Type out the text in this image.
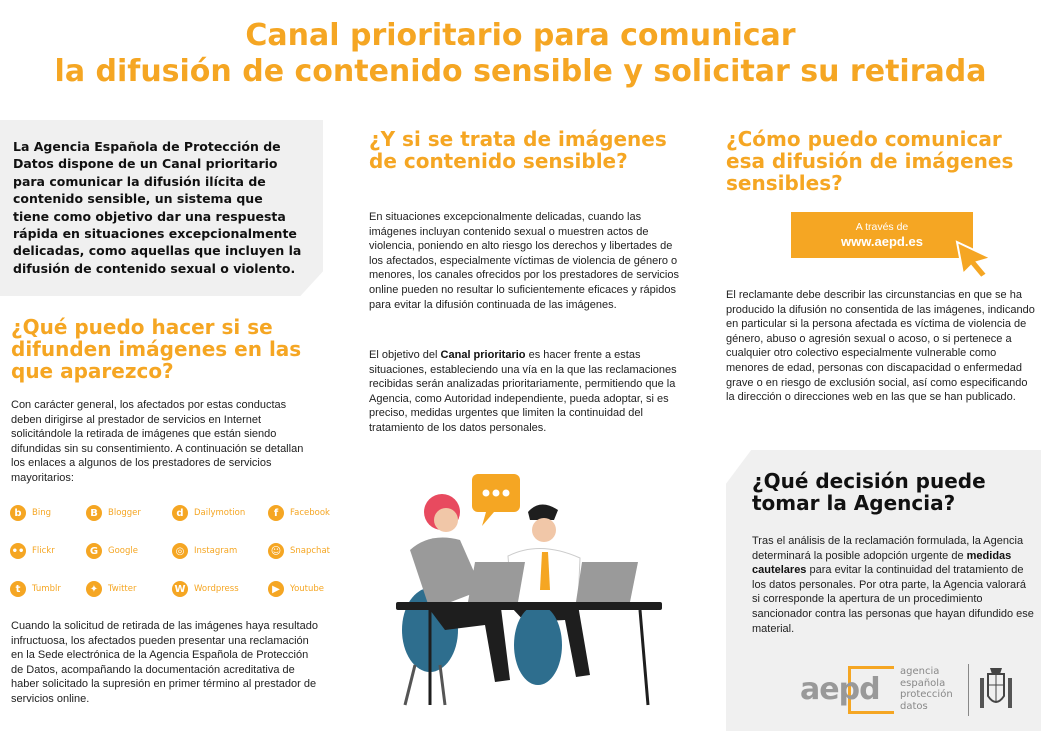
Canal prioritario para comunicar
la difusión de contenido sensible y solicitar su retirada
La Agencia Española de Protección de Datos dispone de un Canal prioritario para comunicar la difusión ilícita de contenido sensible, un sistema que tiene como objetivo dar una respuesta rápida en situaciones excepcionalmente delicadas, como aquellas que incluyen la difusión de contenido sexual o violento.
¿Qué puedo hacer si se difunden imágenes en las que aparezco?
Con carácter general, los afectados por estas conductas deben dirigirse al prestador de servicios en Internet solicitándole la retirada de imágenes que están siendo difundidas sin su consentimiento. A continuación se detallan los enlaces a algunos de los prestadores de servicios mayoritarios:
b	Bing	B	Blogger	d	Dailymotion	f	Facebook
•• Flickr	G	Google	◎	Instagram	☺	Snapchat
t	Tumblr	✦	Twitter	W Wordpress	▶	Youtube
Cuando la solicitud de retirada de las imágenes haya resultado infructuosa, los afectados pueden presentar una reclamación en la Sede electrónica de la Agencia Española de Protección de Datos, acompañando la documentación acreditativa de haber solicitado la supresión en primer término al prestador de servicios online.
¿Y si se trata de imágenes de contenido sensible?
En situaciones excepcionalmente delicadas, cuando las imágenes incluyan contenido sexual o muestren actos de violencia, poniendo en alto riesgo los derechos y libertades de los afectados, especialmente víctimas de violencia de género o menores, los canales ofrecidos por los prestadores de servicios online pueden no resultar lo suficientemente eficaces y rápidos para evitar la difusión continuada de las imágenes.
El objetivo del Canal prioritario es hacer frente a estas situaciones, estableciendo una vía en la que las reclamaciones recibidas serán analizadas prioritariamente, permitiendo que la Agencia, como Autoridad independiente, pueda adoptar, si es preciso, medidas urgentes que limiten la continuidad del tratamiento de los datos personales.
¿Cómo puedo comunicar esa difusión de imágenes sensibles?
A través de
www.aepd.es
El reclamante debe describir las circunstancias en que se ha producido la difusión no consentida de las imágenes, indicando en particular si la persona afectada es víctima de violencia de género, abuso o agresión sexual o acoso, o si pertenece a cualquier otro colectivo especialmente vulnerable como menores de edad, personas con discapacidad o enfermedad grave o en riesgo de exclusión social, así como especificando la dirección o direcciones web en las que se han publicado.
¿Qué decisión puede tomar la Agencia?
Tras el análisis de la reclamación formulada, la Agencia determinará la posible adopción urgente de medidas cautelares para evitar la continuidad del tratamiento de los datos personales. Por otra parte, la Agencia valorará si corresponde la apertura de un procedimiento sancionador contra las personas que hayan difundido ese material.
aepd
agencia
española
protección
datos
